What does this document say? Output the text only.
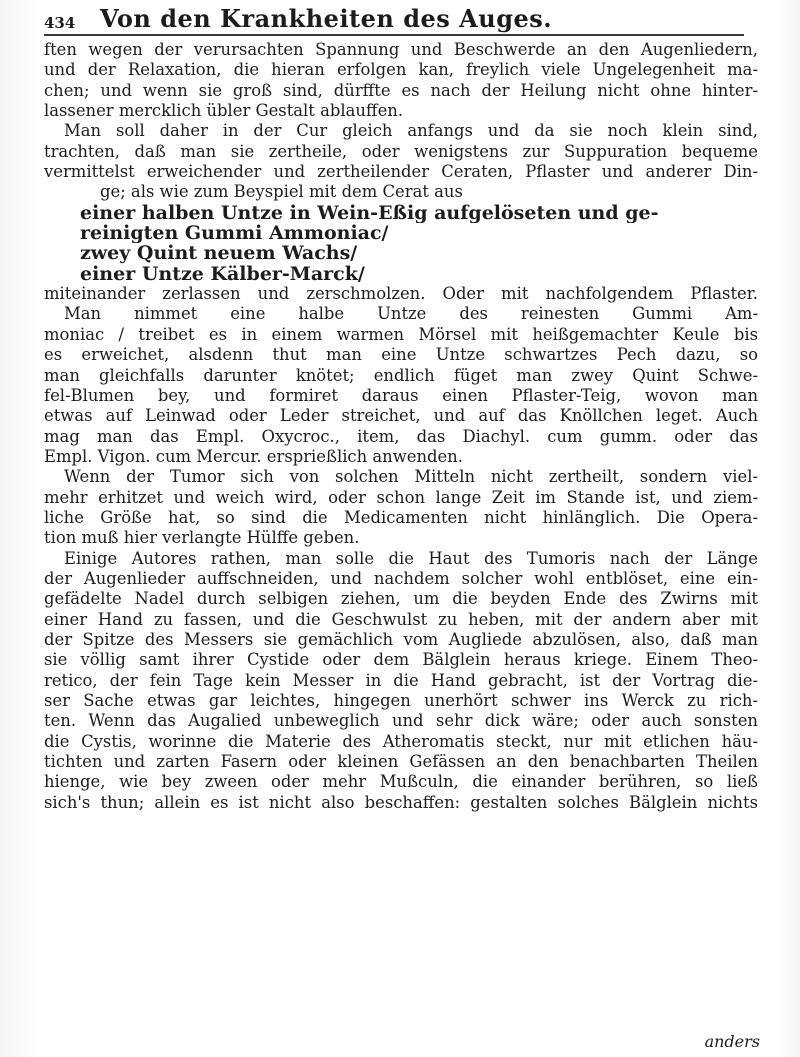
434 Von den Krankheiten des Auges.
ften wegen der verursachten Spannung und Beschwerde an den Augenliedern,
und der Relaxation, die hieran erfolgen kan, freylich viele Ungelegenheit ma-
chen; und wenn sie groß sind, dürffte es nach der Heilung nicht ohne hinter-
lassener mercklich übler Gestalt ablauffen.
Man soll daher in der Cur gleich anfangs und da sie noch klein sind,
trachten, daß man sie zertheile, oder wenigstens zur Suppuration bequeme
vermittelst erweichender und zertheilender Ceraten, Pflaster und anderer Din-
ge; als wie zum Beyspiel mit dem Cerat aus
einer halben Untze in Wein-Eßig aufgelöseten und ge-
reinigten Gummi Ammoniac/
zwey Quint neuem Wachs/
einer Untze Kälber-Marck/
miteinander zerlassen und zerschmolzen. Oder mit nachfolgendem Pflaster.
Man nimmet eine halbe Untze des reinesten Gummi Am-
moniac / treibet es in einem warmen Mörsel mit heißgemachter Keule bis
es erweichet, alsdenn thut man eine Untze schwartzes Pech dazu, so
man gleichfalls darunter knötet; endlich füget man zwey Quint Schwe-
fel-Blumen bey, und formiret daraus einen Pflaster-Teig, wovon man
etwas auf Leinwad oder Leder streichet, und auf das Knöllchen leget. Auch
mag man das Empl. Oxycroc., item, das Diachyl. cum gumm. oder das
Empl. Vigon. cum Mercur. ersprießlich anwenden.
Wenn der Tumor sich von solchen Mitteln nicht zertheilt, sondern viel-
mehr erhitzet und weich wird, oder schon lange Zeit im Stande ist, und ziem-
liche Größe hat, so sind die Medicamenten nicht hinlänglich. Die Opera-
tion muß hier verlangte Hülffe geben.
Einige Autores rathen, man solle die Haut des Tumoris nach der Länge
der Augenlieder auffschneiden, und nachdem solcher wohl entblöset, eine ein-
gefädelte Nadel durch selbigen ziehen, um die beyden Ende des Zwirns mit
einer Hand zu fassen, und die Geschwulst zu heben, mit der andern aber mit
der Spitze des Messers sie gemächlich vom Augliede abzulösen, also, daß man
sie völlig samt ihrer Cystide oder dem Bälglein heraus kriege. Einem Theo-
retico, der fein Tage kein Messer in die Hand gebracht, ist der Vortrag die-
ser Sache etwas gar leichtes, hingegen unerhört schwer ins Werck zu rich-
ten. Wenn das Augalied unbeweglich und sehr dick wäre; oder auch sonsten
die Cystis, worinne die Materie des Atheromatis steckt, nur mit etlichen häu-
tichten und zarten Fasern oder kleinen Gefässen an den benachbarten Theilen
hienge, wie bey zween oder mehr Mußculn, die einander berühren, so ließ
sich's thun; allein es ist nicht also beschaffen: gestalten solches Bälglein nichts
anders
